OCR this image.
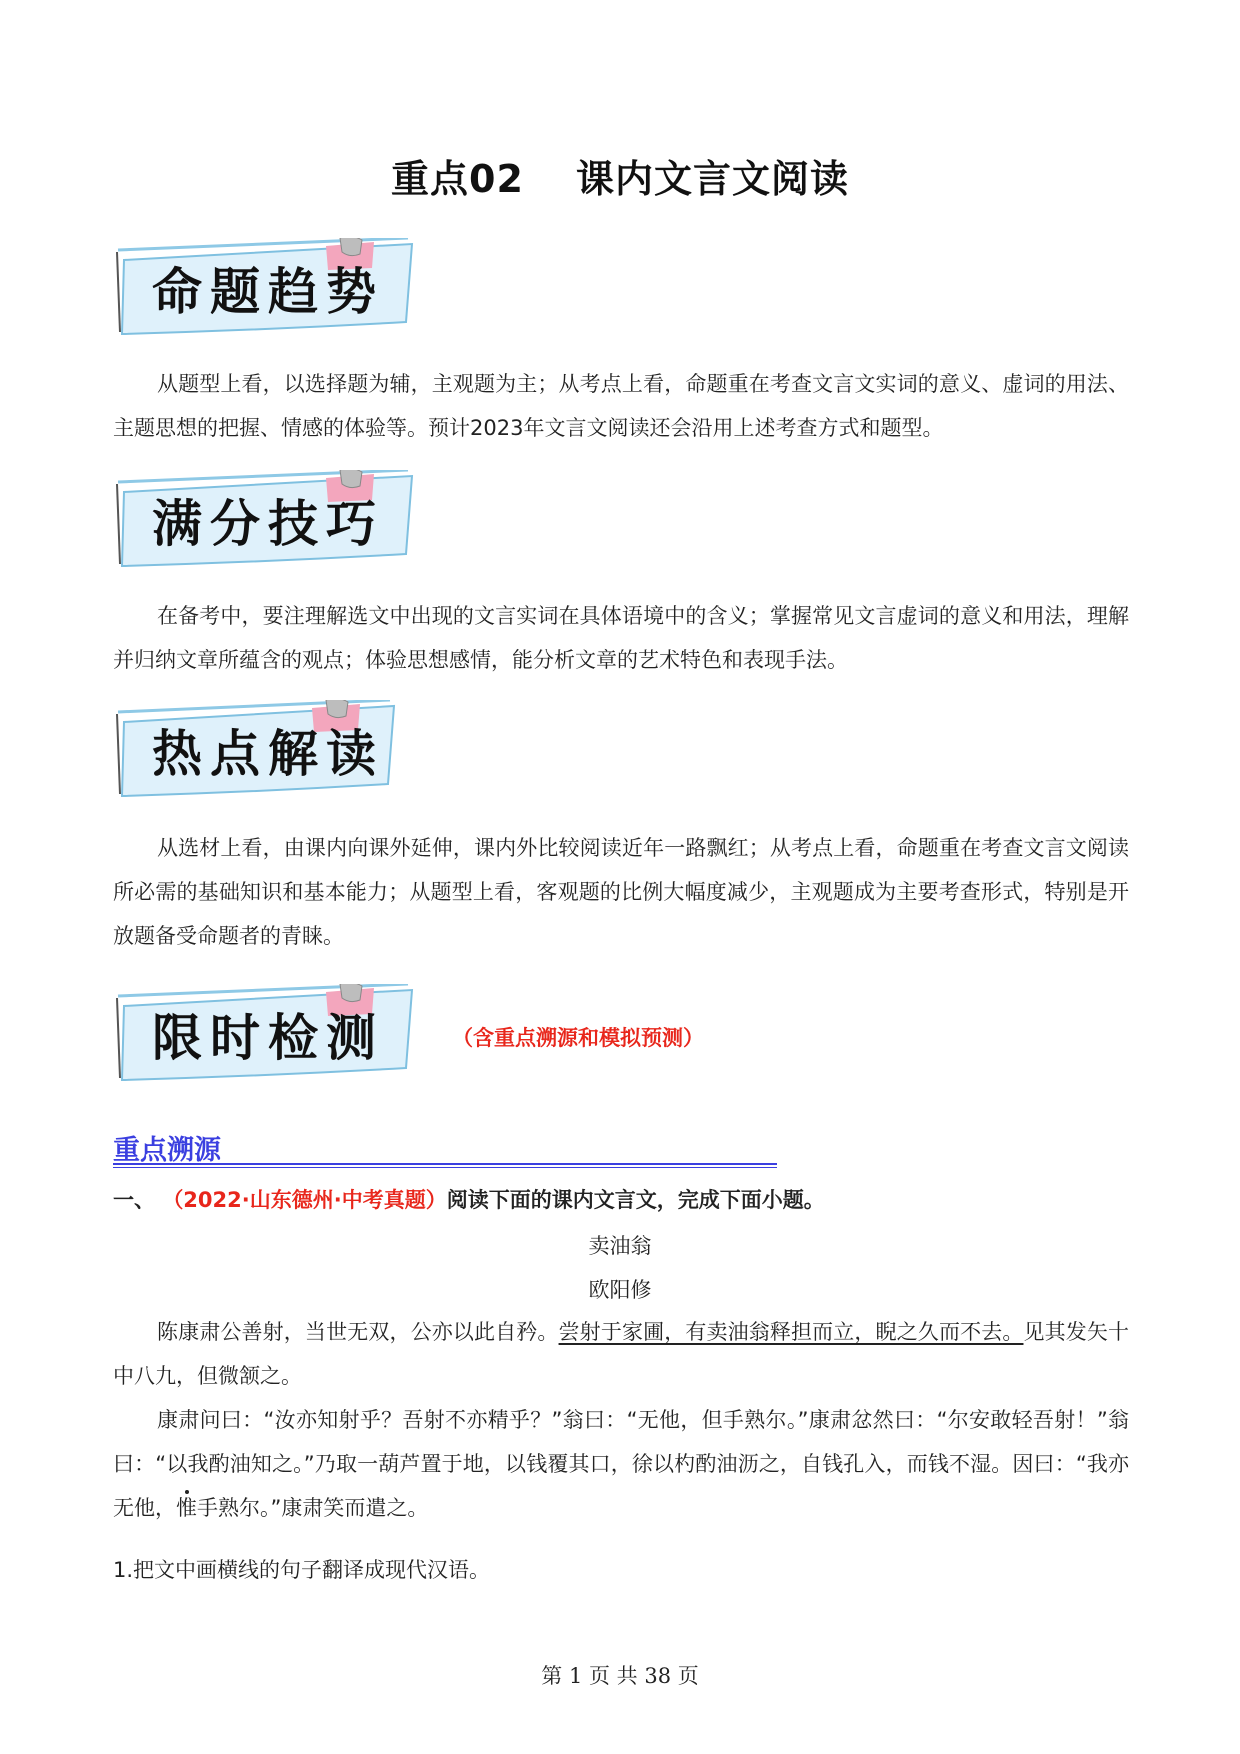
重点02 课内文言文阅读
命题趋势

从题型上看，以选择题为辅，主观题为主；从考点上看，命题重在考查文言文实词的意义、虚词的用法、主题思想的把握、情感的体验等。预计2023年文言文阅读还会沿用上述考查方式和题型。

满分技巧

在备考中，要注理解选文中出现的文言实词在具体语境中的含义；掌握常见文言虚词的意义和用法，理解并归纳文章所蕴含的观点；体验思想感情，能分析文章的艺术特色和表现手法。

热点解读

从选材上看，由课内向课外延伸，课内外比较阅读近年一路飘红；从考点上看，命题重在考查文言文阅读所必需的基础知识和基本能力；从题型上看，客观题的比例大幅度减少，主观题成为主要考查形式，特别是开放题备受命题者的青睐。

限时检测	（含重点溯源和模拟预测）
重点溯源
一、 （2022·山东德州·中考真题）阅读下面的课内文言文，完成下面小题。
卖油翁
欧阳修

陈康肃公善射，当世无双，公亦以此自矜。尝射于家圃，有卖油翁释担而立，睨之久而不去。见其发矢十中八九，但微颔之。

康肃问曰：“汝亦知射乎？吾射不亦精乎？”翁曰：“无他，但手熟尔。”康肃忿然曰：“尔安敢轻吾射！”翁曰：“以我酌油知之。”乃取一葫芦置于地，以钱覆其口，徐以杓酌油沥之，自钱孔入，而钱不湿。因曰：“我亦无他，惟手熟尔。”康肃笑而遣之。

1.把文中画横线的句子翻译成现代汉语。
第 1 页 共 38 页
